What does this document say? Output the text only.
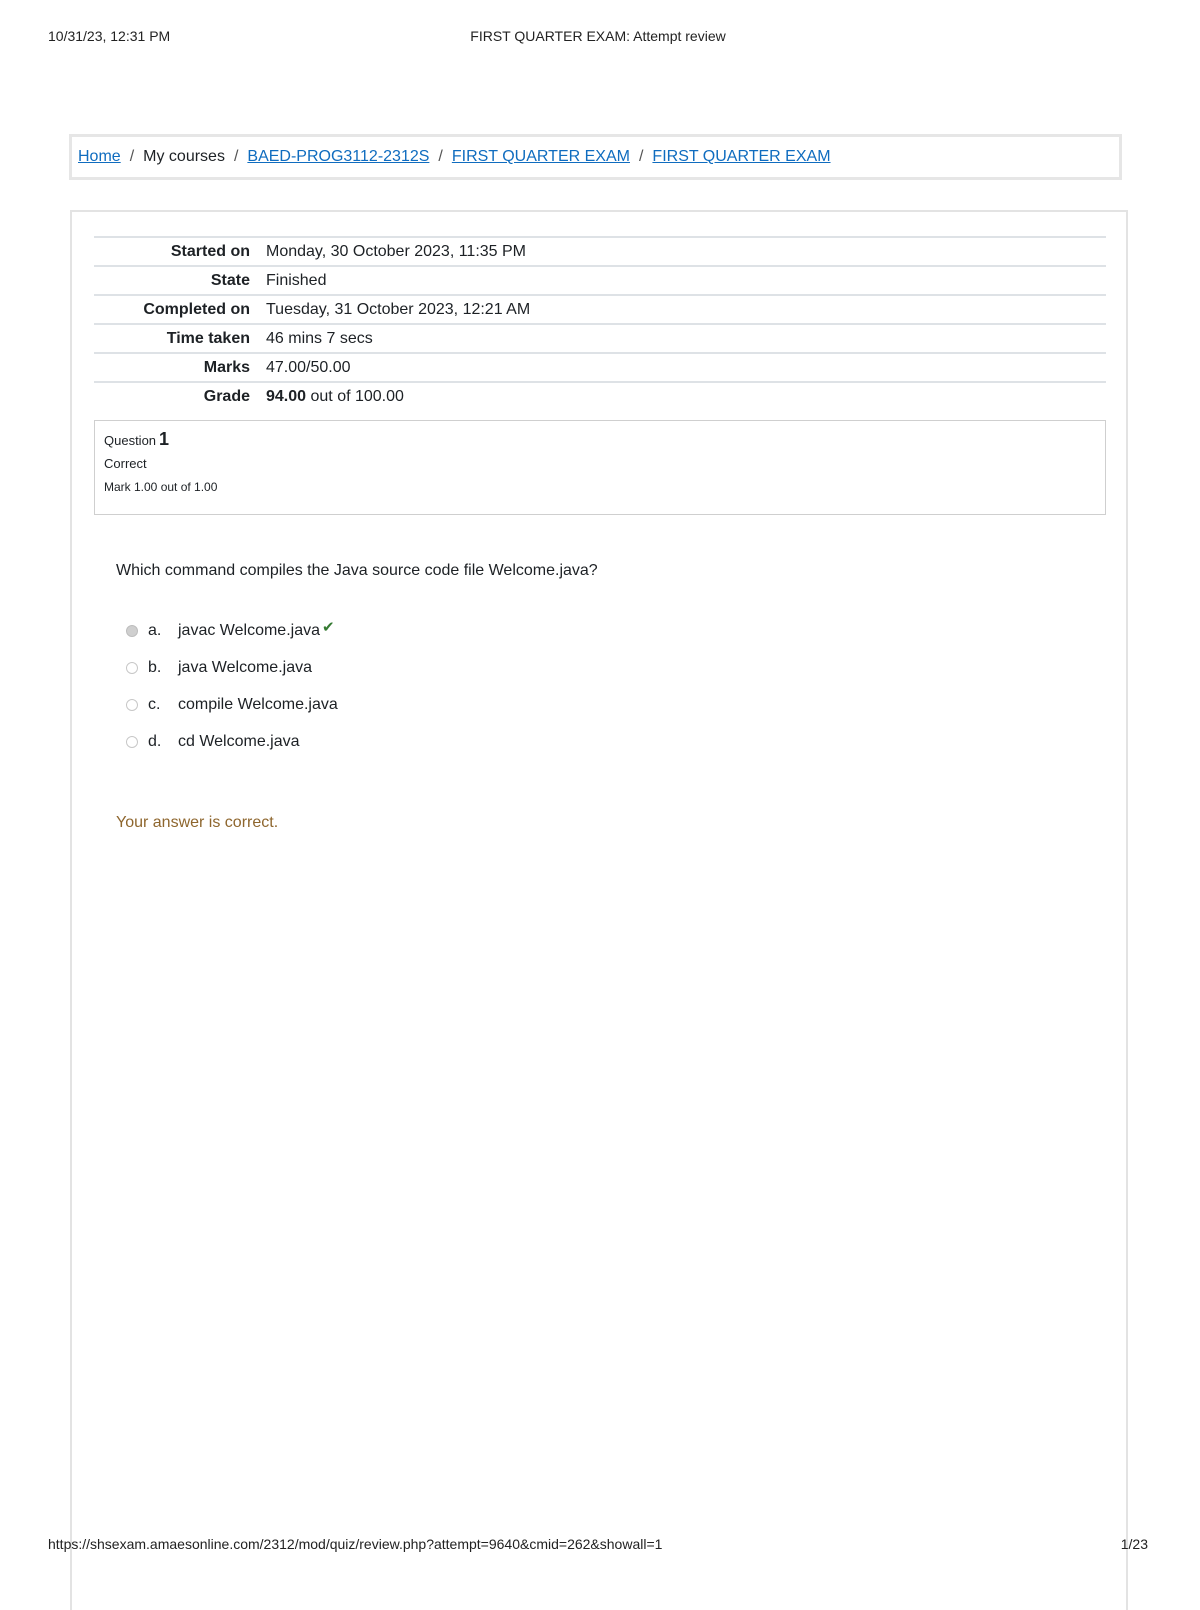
10/31/23, 12:31 PM	FIRST QUARTER EXAM: Attempt review
Home / My courses / BAED-PROG3112-2312S / FIRST QUARTER EXAM / FIRST QUARTER EXAM
Started on	Monday, 30 October 2023, 11:35 PM
State	Finished
Completed on	Tuesday, 31 October 2023, 12:21 AM
Time taken	46 mins 7 secs
Marks	47.00/50.00
Grade	94.00 out of 100.00
Question 1
Correct
Mark 1.00 out of 1.00
Which command compiles the Java source code file Welcome.java?
a.	javac Welcome.java ✔
b.	java Welcome.java
c.	compile Welcome.java
d.	cd Welcome.java
Your answer is correct.
https://shsexam.amaesonline.com/2312/mod/quiz/review.php?attempt=9640&cmid=262&showall=1	1/23
